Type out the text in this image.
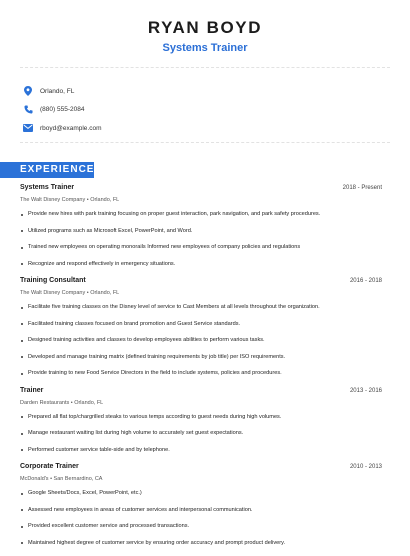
RYAN BOYD
Systems Trainer
Orlando, FL
(880) 555-2084
rboyd@example.com
EXPERIENCE
Systems Trainer	2018 - Present
The Walt Disney Company • Orlando, FL
Provide new hires with park training focusing on proper guest interaction, park navigation, and park safety procedures.
Utilized programs such as Microsoft Excel, PowerPoint, and Word.
Trained new employees on operating monorails Informed new employees of company policies and regulations
Recognize and respond effectively in emergency situations.
Training Consultant	2016 - 2018
The Walt Disney Company • Orlando, FL
Facilitate five training classes on the Disney level of service to Cast Members at all levels throughout the organization.
Facilitated training classes focused on brand promotion and Guest Service standards.
Designed training activities and classes to develop employees abilities to perform various tasks.
Developed and manage training matrix (defined training requirements by job title) per ISO requirements.
Provide training to new Food Service Directors in the field to include systems, policies and procedures.
Trainer	2013 - 2016
Darden Restaurants • Orlando, FL
Prepared all flat top/chargrilled steaks to various temps according to guest needs during high volumes.
Manage restaurant waiting list during high volume to accurately set guest expectations.
Performed customer service table-side and by telephone.
Corporate Trainer	2010 - 2013
McDonald's • San Bernardino, CA
Google Sheets/Docs, Excel, PowerPoint, etc.)
Assessed new employees in areas of customer services and interpersonal communication.
Provided excellent customer service and processed transactions.
Maintained highest degree of customer service by ensuring order accuracy and prompt product delivery.
